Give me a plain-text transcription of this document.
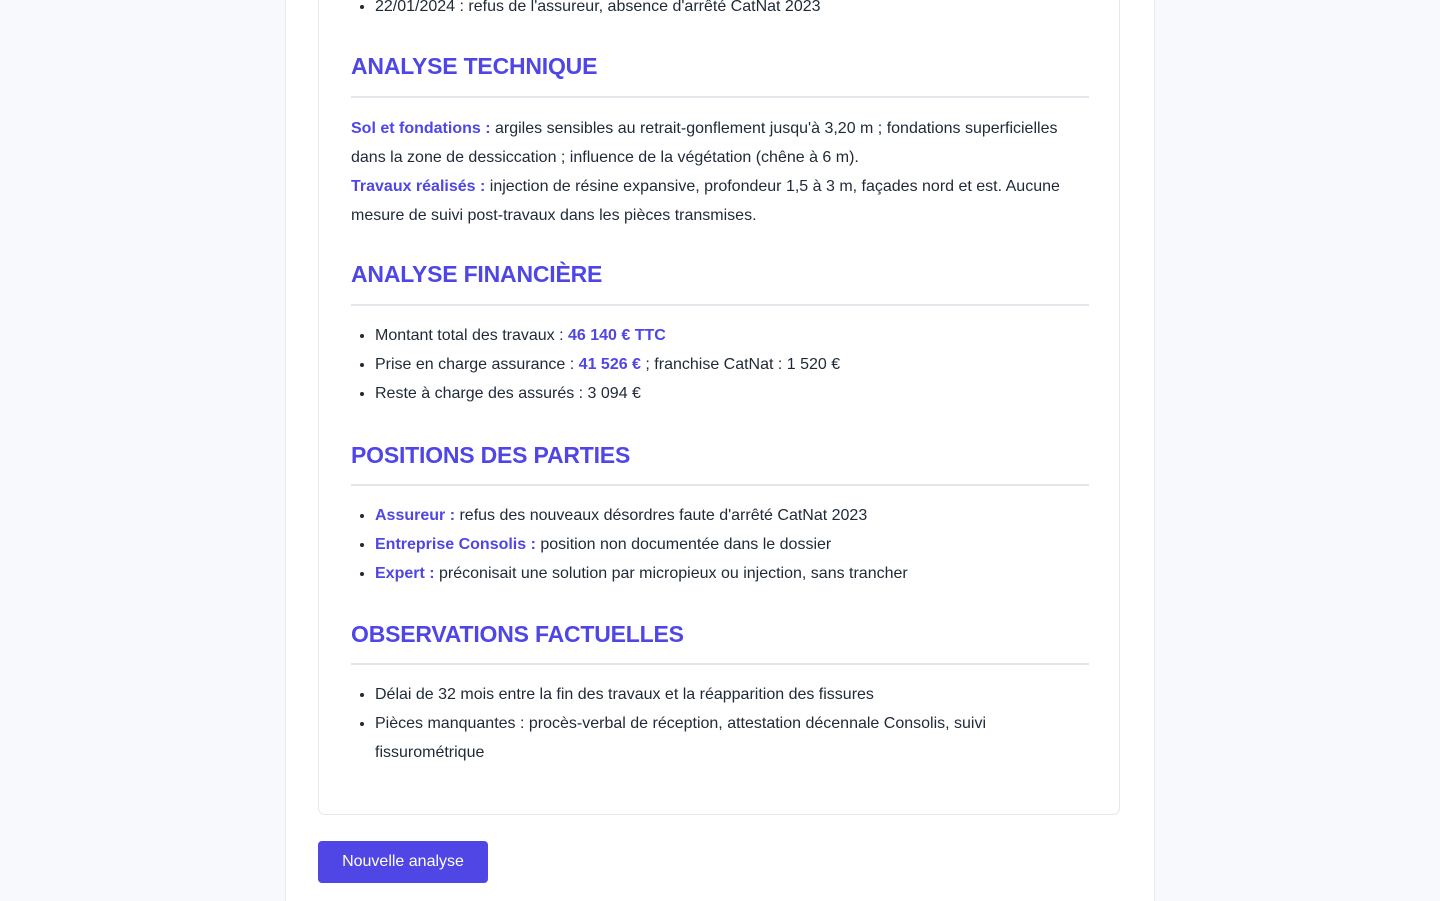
• 22/01/2024 : refus de l'assureur, absence d'arrêté CatNat 2023
ANALYSE TECHNIQUE

Sol et fondations : argiles sensibles au retrait-gonflement jusqu'à 3,20 m ; fondations superficielles dans la zone de dessiccation ; influence de la végétation (chêne à 6 m).

Travaux réalisés : injection de résine expansive, profondeur 1,5 à 3 m, façades nord et est. Aucune mesure de suivi post-travaux dans les pièces transmises.

ANALYSE FINANCIÈRE
• Montant total des travaux : 46 140 € TTC
• Prise en charge assurance : 41 526 € ; franchise CatNat : 1 520 €
• Reste à charge des assurés : 3 094 €
POSITIONS DES PARTIES
• Assureur : refus des nouveaux désordres faute d'arrêté CatNat 2023
• Entreprise Consolis : position non documentée dans le dossier
• Expert : préconisait une solution par micropieux ou injection, sans trancher
OBSERVATIONS FACTUELLES
• Délai de 32 mois entre la fin des travaux et la réapparition des fissures
• Pièces manquantes : procès-verbal de réception, attestation décennale Consolis, suivi fissurométrique
Nouvelle analyse
